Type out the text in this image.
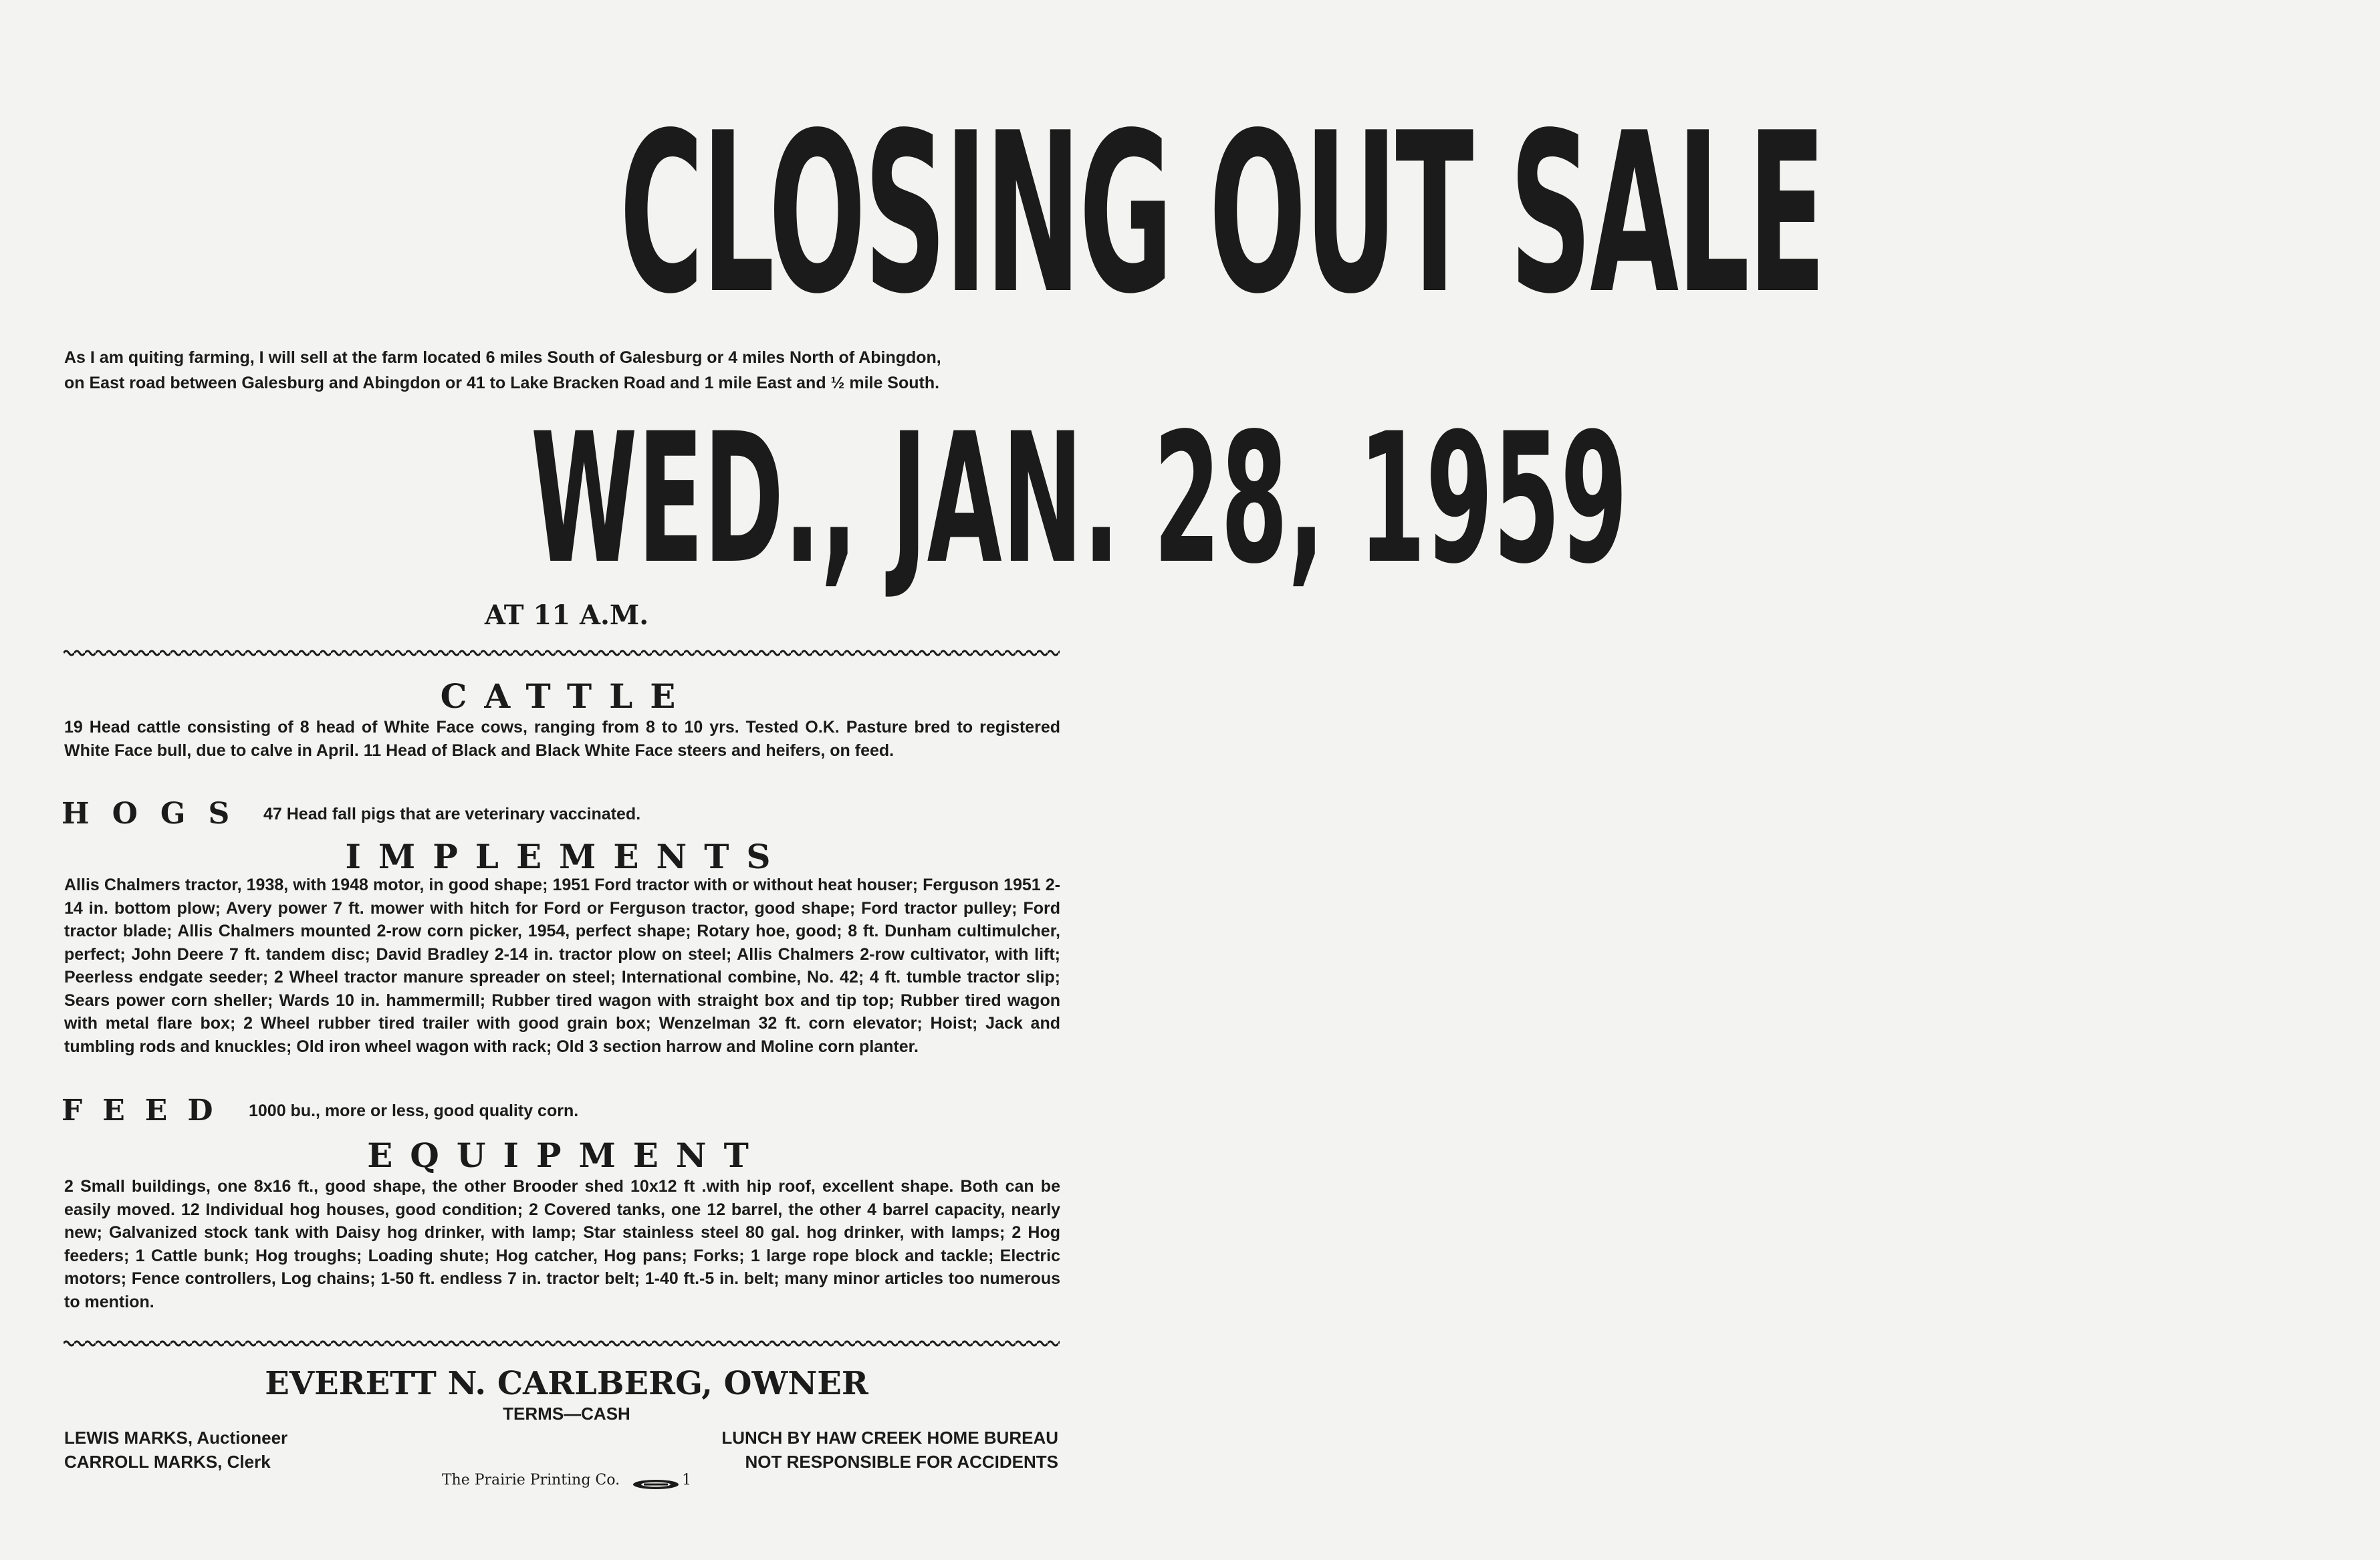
CLOSING OUT SALE

As I am quiting farming, I will sell at the farm located 6 miles South of Galesburg or 4 miles North of Abingdon,

on East road between Galesburg and Abingdon or 41 to Lake Bracken Road and 1 mile East and ½ mile South.

WED., JAN. 28, 1959
AT 11 A.M.
CATTLE

19 Head cattle consisting of 8 head of White Face cows, ranging from 8 to 10 yrs. Tested O.K. Pasture bred to registered White Face bull, due to calve in April. 11 Head of Black and Black White Face steers and heifers, on feed.

HOGS 47 Head fall pigs that are veterinary vaccinated.
IMPLEMENTS

Allis Chalmers tractor, 1938, with 1948 motor, in good shape; 1951 Ford tractor with or without heat houser; Ferguson 1951 2-14 in. bottom plow; Avery power 7 ft. mower with hitch for Ford or Ferguson tractor, good shape; Ford tractor pulley; Ford tractor blade; Allis Chalmers mounted 2-row corn picker, 1954, perfect shape; Rotary hoe, good; 8 ft. Dunham cultimulcher, perfect; John Deere 7 ft. tandem disc; David Bradley 2-14 in. tractor plow on steel; Allis Chalmers 2-row cultivator, with lift; Peerless endgate seeder; 2 Wheel tractor manure spreader on steel; International combine, No. 42; 4 ft. tumble tractor slip; Sears power corn sheller; Wards 10 in. hammermill; Rubber tired wagon with straight box and tip top; Rubber tired wagon with metal flare box; 2 Wheel rubber tired trailer with good grain box; Wenzelman 32 ft. corn elevator; Hoist; Jack and tumbling rods and knuckles; Old iron wheel wagon with rack; Old 3 section harrow and Moline corn planter.

FEED 1000 bu., more or less, good quality corn.
EQUIPMENT

2 Small buildings, one 8x16 ft., good shape, the other Brooder shed 10x12 ft .with hip roof, excellent shape. Both can be easily moved. 12 Individual hog houses, good condition; 2 Covered tanks, one 12 barrel, the other 4 barrel capacity, nearly new; Galvanized stock tank with Daisy hog drinker, with lamp; Star stainless steel 80 gal. hog drinker, with lamps; 2 Hog feeders; 1 Cattle bunk; Hog troughs; Loading shute; Hog catcher, Hog pans; Forks; 1 large rope block and tackle; Electric motors; Fence controllers, Log chains; 1-50 ft. endless 7 in. tractor belt; 1-40 ft.-5 in. belt; many minor articles too numerous to mention.

EVERETT N. CARLBERG, OWNER
TERMS—CASH
LEWIS MARKS, Auctioneer
CARROLL MARKS, Clerk
LUNCH BY HAW CREEK HOME BUREAU
NOT RESPONSIBLE FOR ACCIDENTS
The Prairie Printing Co.	1
